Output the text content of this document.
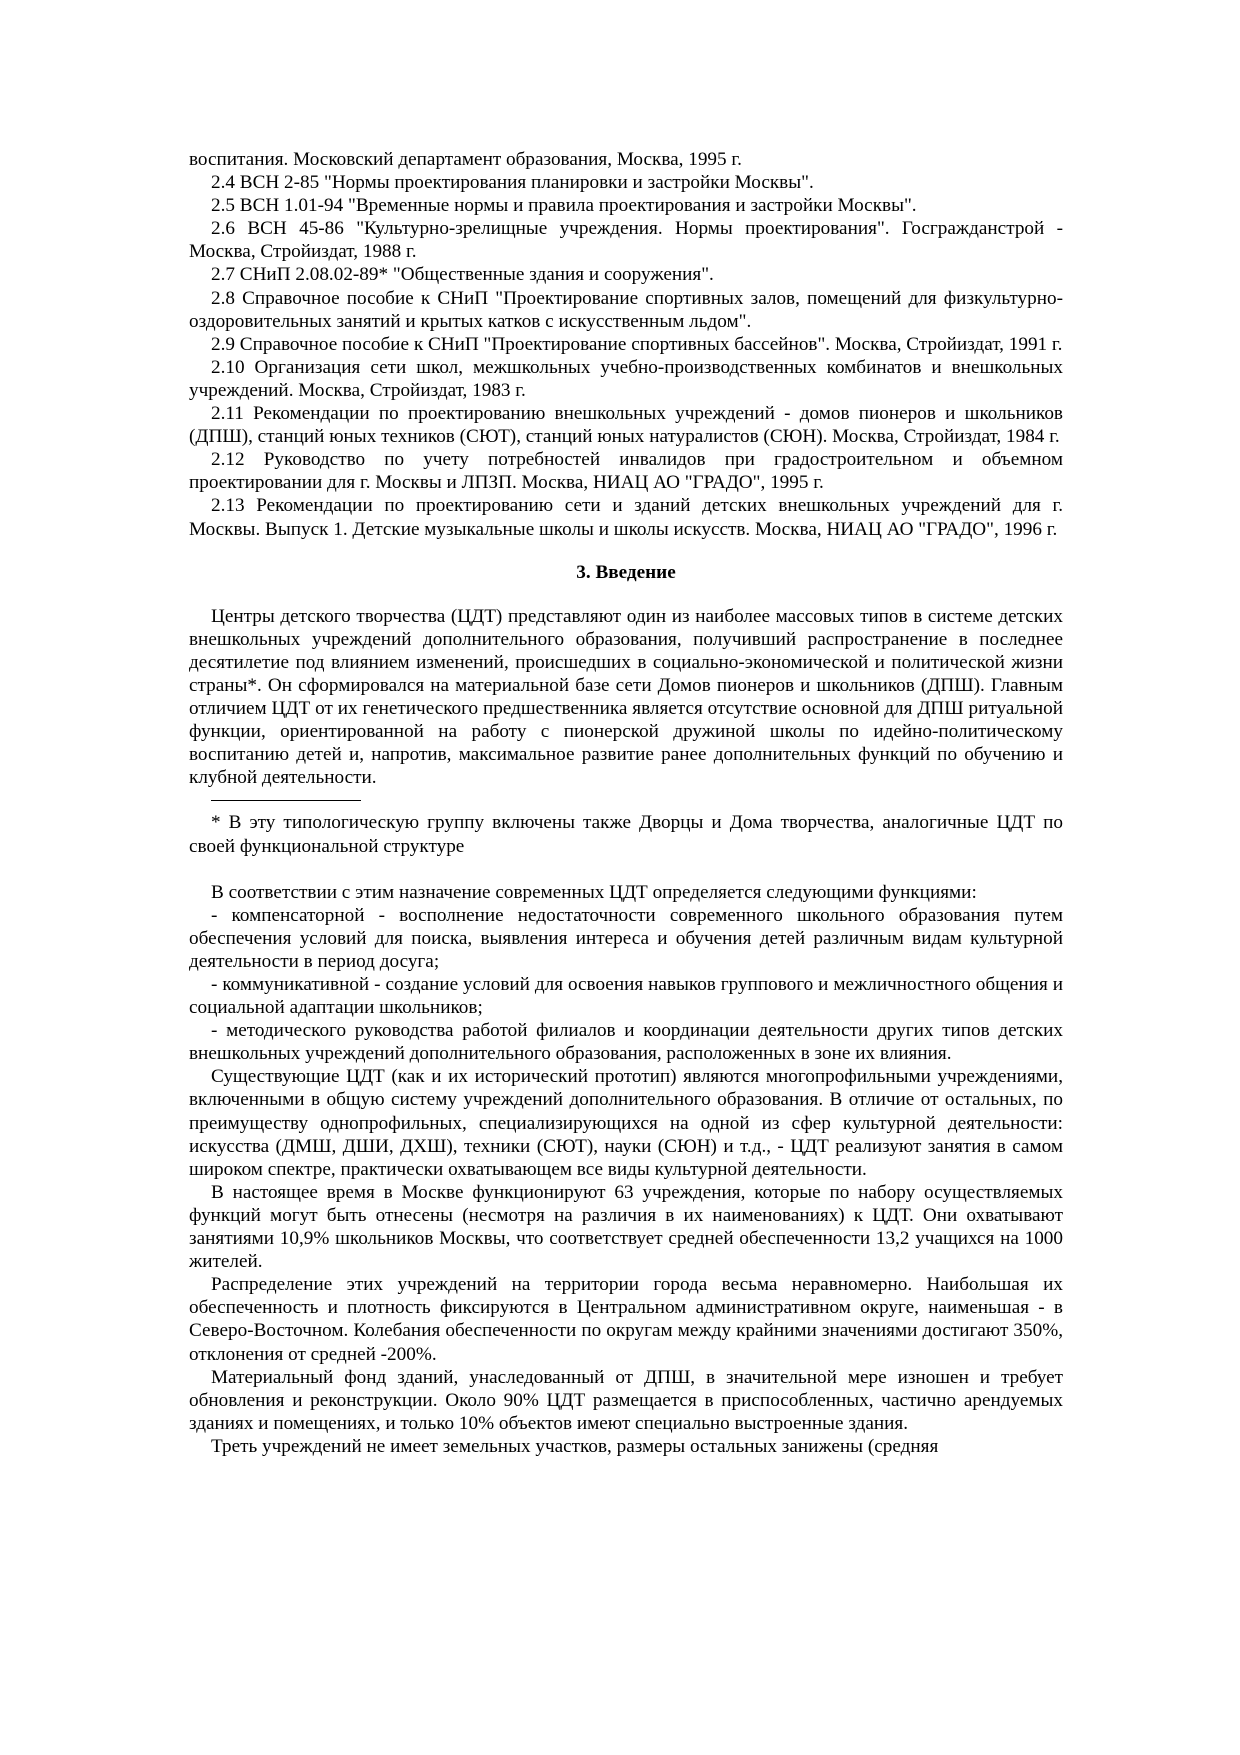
воспитания. Московский департамент образования, Москва, 1995 г.

2.4 ВСН 2-85 "Нормы проектирования планировки и застройки Москвы".

2.5 ВСН 1.01-94 "Временные нормы и правила проектирования и застройки Москвы".

2.6 ВСН 45-86 "Культурно-зрелищные учреждения. Нормы проектирования". Госгражданстрой - Москва, Стройиздат, 1988 г.

2.7 СНиП 2.08.02-89* "Общественные здания и сооружения".

2.8 Справочное пособие к СНиП "Проектирование спортивных залов, помещений для физкультурно-оздоровительных занятий и крытых катков с искусственным льдом".

2.9 Справочное пособие к СНиП "Проектирование спортивных бассейнов". Москва, Стройиздат, 1991 г.

2.10 Организация сети школ, межшкольных учебно-производственных комбинатов и внешкольных учреждений. Москва, Стройиздат, 1983 г.

2.11 Рекомендации по проектированию внешкольных учреждений - домов пионеров и школьников (ДПШ), станций юных техников (СЮТ), станций юных натуралистов (СЮН). Москва, Стройиздат, 1984 г.

2.12 Руководство по учету потребностей инвалидов при градостроительном и объемном проектировании для г. Москвы и ЛПЗП. Москва, НИАЦ АО "ГРАДО", 1995 г.

2.13 Рекомендации по проектированию сети и зданий детских внешкольных учреждений для г. Москвы. Выпуск 1. Детские музыкальные школы и школы искусств. Москва, НИАЦ АО "ГРАДО", 1996 г.

3. Введение

Центры детского творчества (ЦДТ) представляют один из наиболее массовых типов в системе детских внешкольных учреждений дополнительного образования, получивший распространение в последнее десятилетие под влиянием изменений, происшедших в социально-экономической и политической жизни страны*. Он сформировался на материальной базе сети Домов пионеров и школьников (ДПШ). Главным отличием ЦДТ от их генетического предшественника является отсутствие основной для ДПШ ритуальной функции, ориентированной на работу с пионерской дружиной школы по идейно-политическому воспитанию детей и, напротив, максимальное развитие ранее дополнительных функций по обучению и клубной деятельности.

* В эту типологическую группу включены также Дворцы и Дома творчества, аналогичные ЦДТ по своей функциональной структуре

В соответствии с этим назначение современных ЦДТ определяется следующими функциями:

- компенсаторной - восполнение недостаточности современного школьного образования путем обеспечения условий для поиска, выявления интереса и обучения детей различным видам культурной деятельности в период досуга;

- коммуникативной - создание условий для освоения навыков группового и межличностного общения и социальной адаптации школьников;

- методического руководства работой филиалов и координации деятельности других типов детских внешкольных учреждений дополнительного образования, расположенных в зоне их влияния.

Существующие ЦДТ (как и их исторический прототип) являются многопрофильными учреждениями, включенными в общую систему учреждений дополнительного образования. В отличие от остальных, по преимуществу однопрофильных, специализирующихся на одной из сфер культурной деятельности: искусства (ДМШ, ДШИ, ДХШ), техники (СЮТ), науки (СЮН) и т.д., - ЦДТ реализуют занятия в самом широком спектре, практически охватывающем все виды культурной деятельности.

В настоящее время в Москве функционируют 63 учреждения, которые по набору осуществляемых функций могут быть отнесены (несмотря на различия в их наименованиях) к ЦДТ. Они охватывают занятиями 10,9% школьников Москвы, что соответствует средней обеспеченности 13,2 учащихся на 1000 жителей.

Распределение этих учреждений на территории города весьма неравномерно. Наибольшая их обеспеченность и плотность фиксируются в Центральном административном округе, наименьшая - в Северо-Восточном. Колебания обеспеченности по округам между крайними значениями достигают 350%, отклонения от средней -200%.

Материальный фонд зданий, унаследованный от ДПШ, в значительной мере изношен и требует обновления и реконструкции. Около 90% ЦДТ размещается в приспособленных, частично арендуемых зданиях и помещениях, и только 10% объектов имеют специально выстроенные здания.

Треть учреждений не имеет земельных участков, размеры остальных занижены (средняя
